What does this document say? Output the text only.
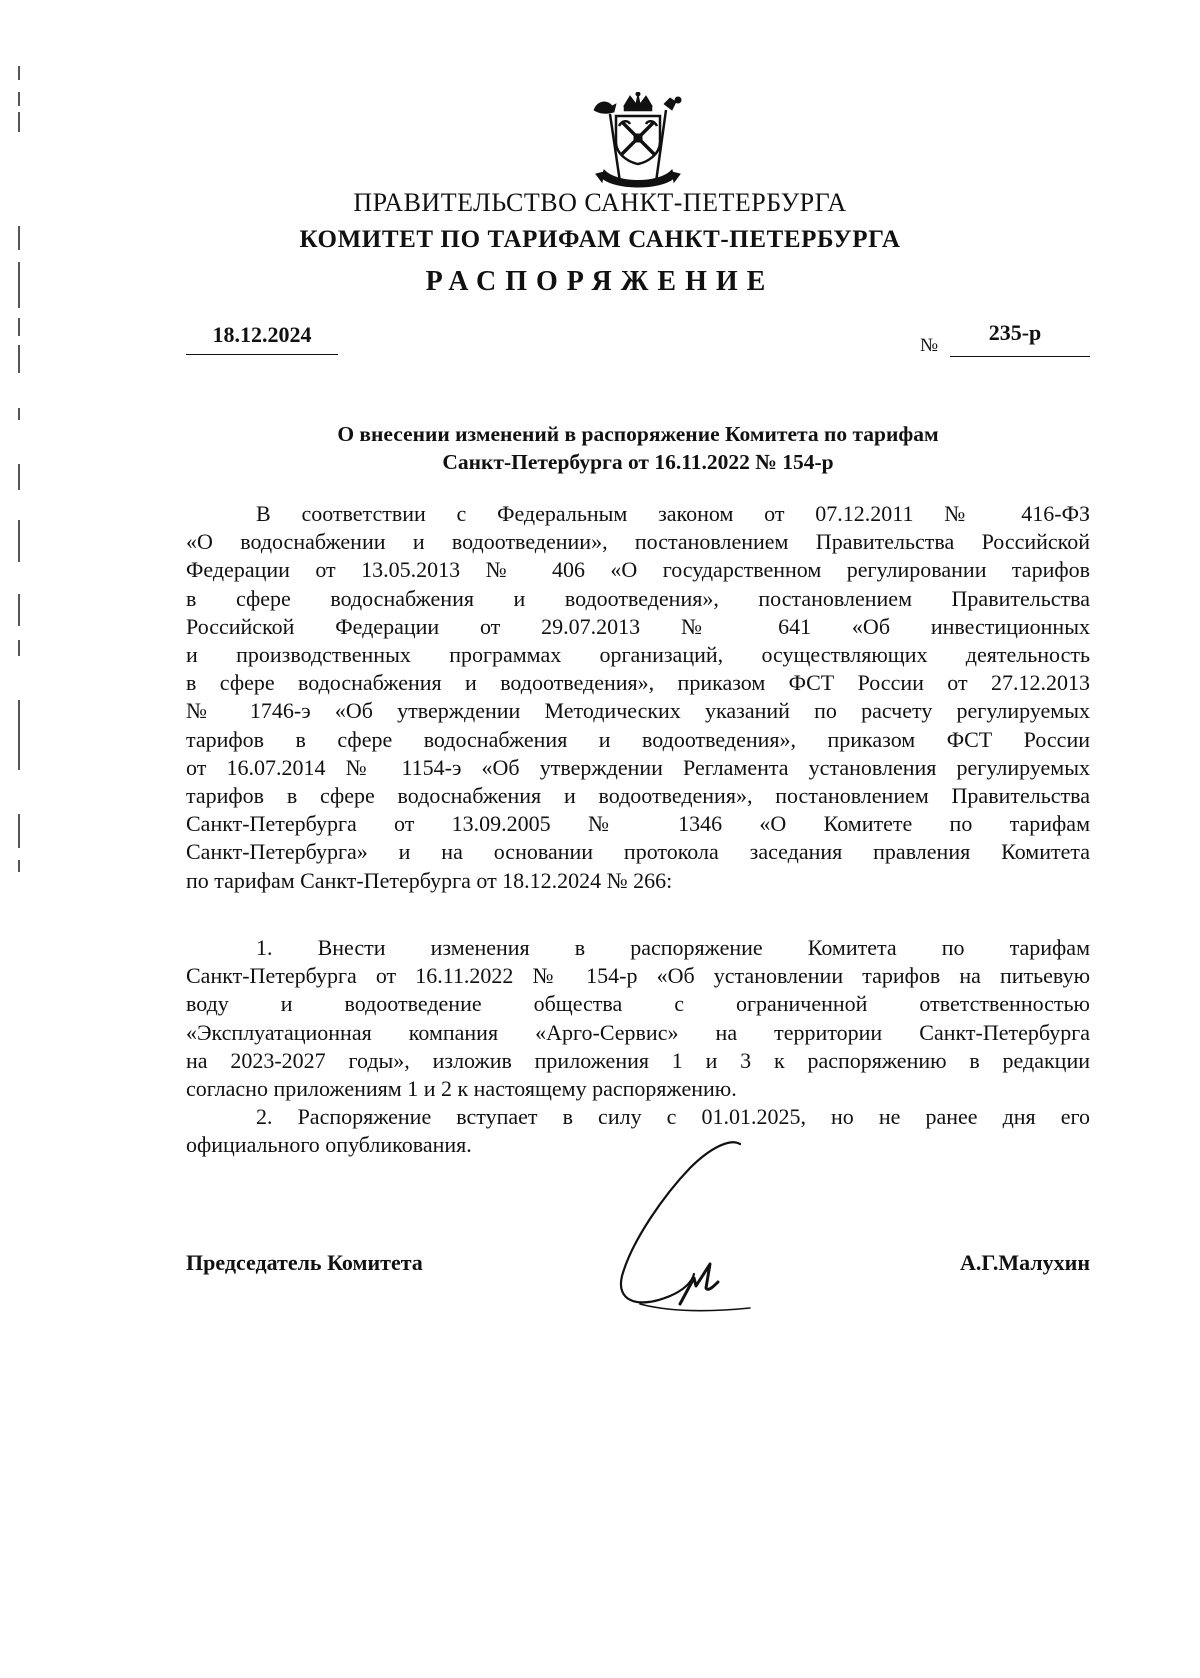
ПРАВИТЕЛЬСТВО САНКТ-ПЕТЕРБУРГА
КОМИТЕТ ПО ТАРИФАМ САНКТ-ПЕТЕРБУРГА
РАСПОРЯЖЕНИЕ
18.12.2024	№
235-р
О внесении изменений в распоряжение Комитета по тарифам
Санкт-Петербурга от 16.11.2022 № 154-р
В соответствии с Федеральным законом от 07.12.2011 № 416-ФЗ
«О водоснабжении и водоотведении», постановлением Правительства Российской
Федерации от 13.05.2013 № 406 «О государственном регулировании тарифов
в сфере водоснабжения и водоотведения», постановлением Правительства
Российской Федерации от 29.07.2013 № 641 «Об инвестиционных
и производственных программах организаций, осуществляющих деятельность
в сфере водоснабжения и водоотведения», приказом ФСТ России от 27.12.2013
№ 1746-э «Об утверждении Методических указаний по расчету регулируемых
тарифов в сфере водоснабжения и водоотведения», приказом ФСТ России
от 16.07.2014 № 1154-э «Об утверждении Регламента установления регулируемых
тарифов в сфере водоснабжения и водоотведения», постановлением Правительства
Санкт-Петербурга от 13.09.2005 № 1346 «О Комитете по тарифам
Санкт-Петербурга» и на основании протокола заседания правления Комитета
по тарифам Санкт-Петербурга от 18.12.2024 № 266:
1. Внести изменения в распоряжение Комитета по тарифам
Санкт-Петербурга от 16.11.2022 № 154-р «Об установлении тарифов на питьевую
воду и водоотведение общества с ограниченной ответственностью
«Эксплуатационная компания «Арго-Сервис» на территории Санкт-Петербурга
на 2023-2027 годы», изложив приложения 1 и 3 к распоряжению в редакции
согласно приложениям 1 и 2 к настоящему распоряжению.
2. Распоряжение вступает в силу с 01.01.2025, но не ранее дня его
официального опубликования.
Председатель Комитета	А.Г.Малухин
